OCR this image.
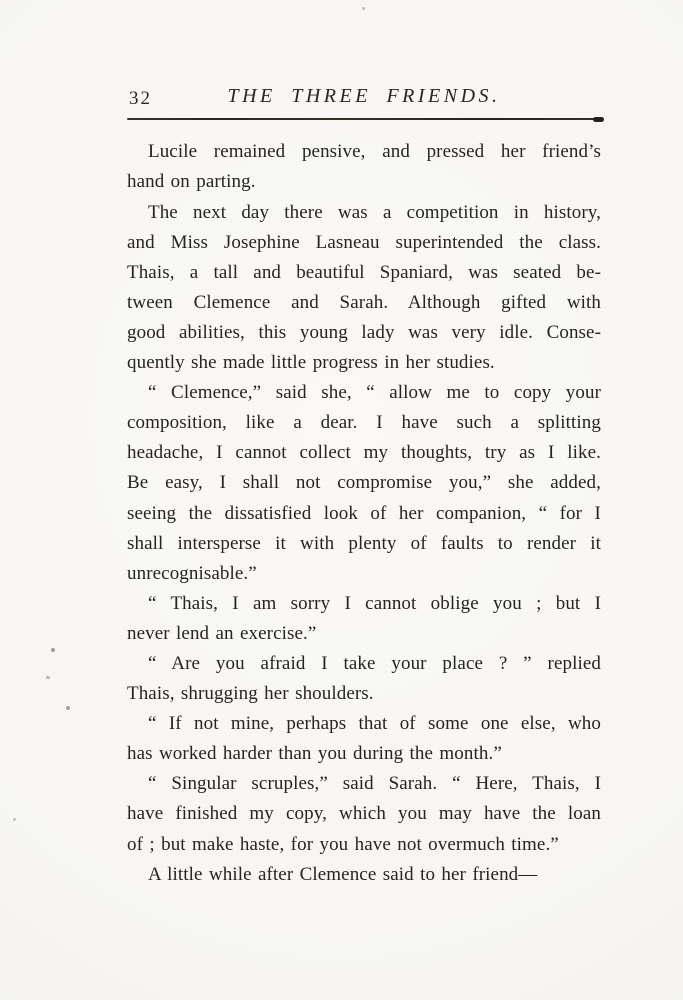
32	THE THREE FRIENDS.
Lucile remained pensive, and pressed her friend’s
hand on parting.
The next day there was a competition in history,
and Miss Josephine Lasneau superintended the class.
Thais, a tall and beautiful Spaniard, was seated be-
tween Clemence and Sarah. Although gifted with
good abilities, this young lady was very idle. Conse-
quently she made little progress in her studies.
“ Clemence,” said she, “ allow me to copy your
composition, like a dear. I have such a splitting
headache, I cannot collect my thoughts, try as I like.
Be easy, I shall not compromise you,” she added,
seeing the dissatisfied look of her companion, “ for I
shall intersperse it with plenty of faults to render it
unrecognisable.”
“ Thais, I am sorry I cannot oblige you ; but I
never lend an exercise.”
“ Are you afraid I take your place ? ” replied
Thais, shrugging her shoulders.
“ If not mine, perhaps that of some one else, who
has worked harder than you during the month.”
“ Singular scruples,” said Sarah. “ Here, Thais, I
have finished my copy, which you may have the loan
of ; but make haste, for you have not overmuch time.”
A little while after Clemence said to her friend—
